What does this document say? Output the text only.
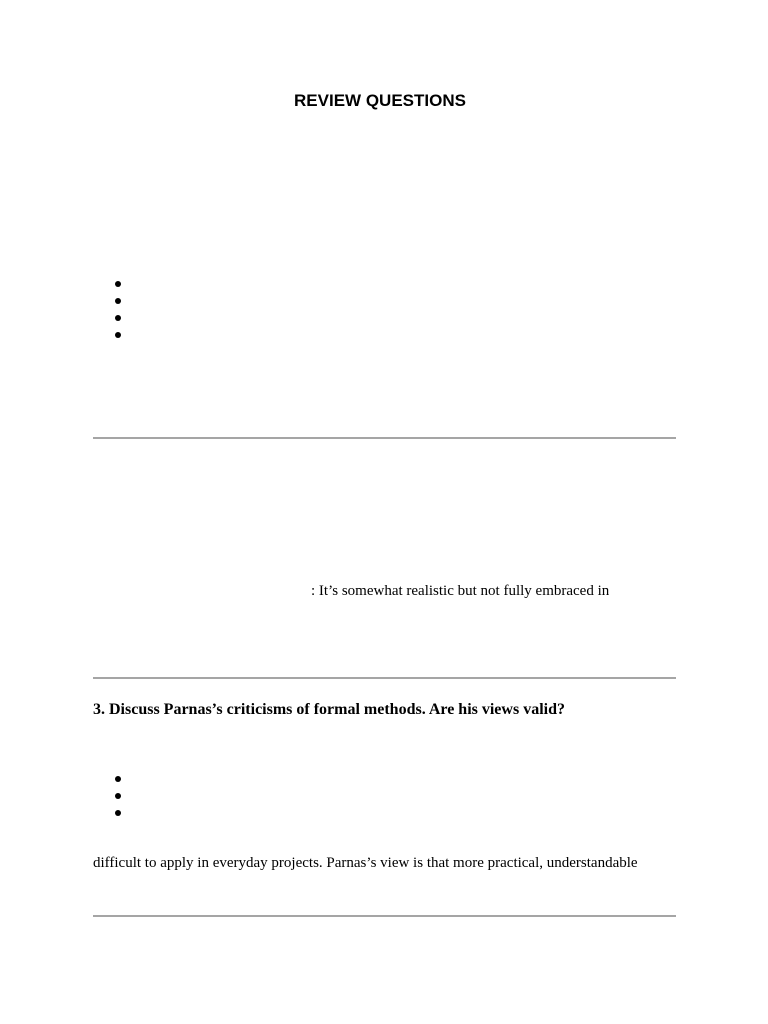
REVIEW QUESTIONS
: It’s somewhat realistic but not fully embraced in
3. Discuss Parnas’s criticisms of formal methods. Are his views valid?
difficult to apply in everyday projects. Parnas’s view is that more practical, understandable
